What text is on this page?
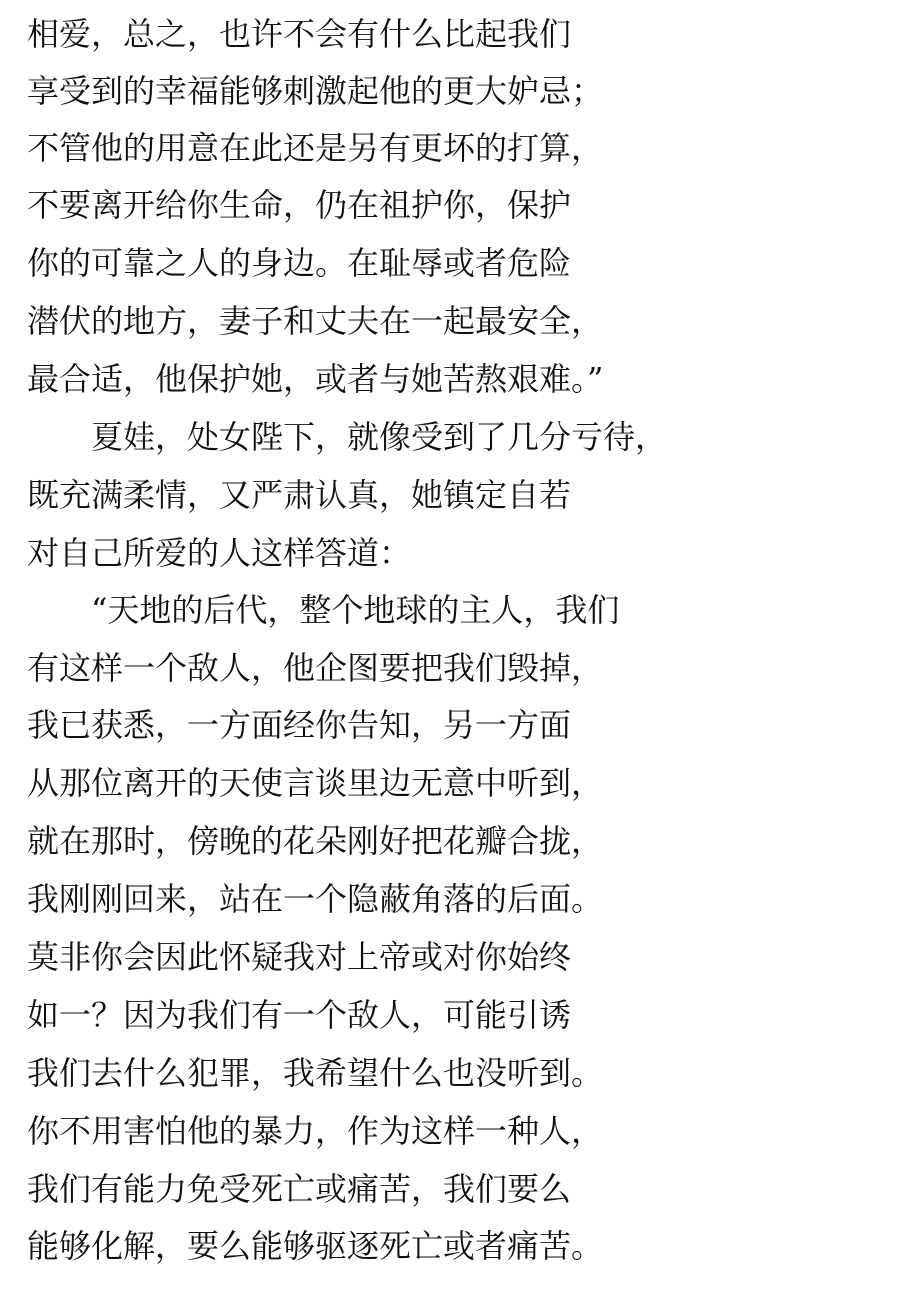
相爱，总之，也许不会有什么比起我们
享受到的幸福能够刺激起他的更大妒忌；
不管他的用意在此还是另有更坏的打算，
不要离开给你生命，仍在祖护你，保护
你的可靠之人的身边。在耻辱或者危险
潜伏的地方，妻子和丈夫在一起最安全，
最合适，他保护她，或者与她苦熬艰难。”
夏娃，处女陛下，就像受到了几分亏待，
既充满柔情，又严肃认真，她镇定自若
对自己所爱的人这样答道：
“天地的后代，整个地球的主人，我们
有这样一个敌人，他企图要把我们毁掉，
我已获悉，一方面经你告知，另一方面
从那位离开的天使言谈里边无意中听到，
就在那时，傍晚的花朵刚好把花瓣合拢，
我刚刚回来，站在一个隐蔽角落的后面。
莫非你会因此怀疑我对上帝或对你始终
如一？因为我们有一个敌人，可能引诱
我们去什么犯罪，我希望什么也没听到。
你不用害怕他的暴力，作为这样一种人，
我们有能力免受死亡或痛苦，我们要么
能够化解，要么能够驱逐死亡或者痛苦。
